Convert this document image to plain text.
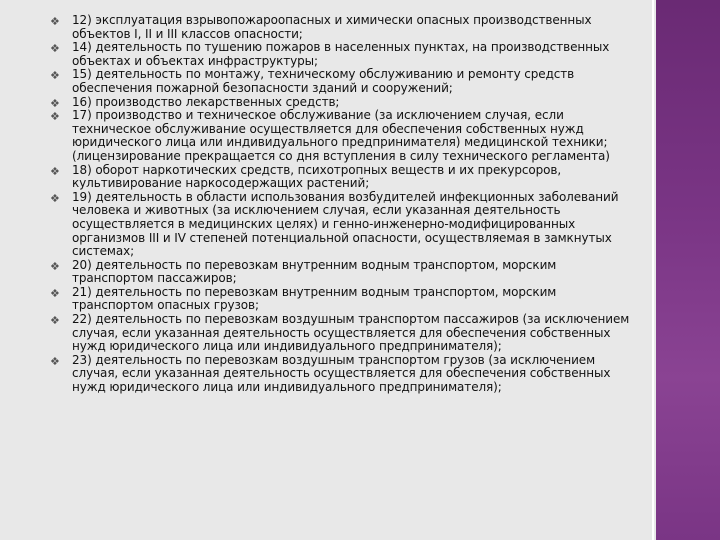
❖ 12) эксплуатация взрывопожароопасных и химически опасных производственных
объектов I, II и III классов опасности;
❖ 14) деятельность по тушению пожаров в населенных пунктах, на производственных
объектах и объектах инфраструктуры;
❖ 15) деятельность по монтажу, техническому обслуживанию и ремонту средств
обеспечения пожарной безопасности зданий и сооружений;
❖ 16) производство лекарственных средств;
❖ 17) производство и техническое обслуживание (за исключением случая, если
техническое обслуживание осуществляется для обеспечения собственных нужд
юридического лица или индивидуального предпринимателя) медицинской техники;
(лицензирование прекращается со дня вступления в силу технического регламента)
❖ 18) оборот наркотических средств, психотропных веществ и их прекурсоров,
культивирование наркосодержащих растений;
❖ 19) деятельность в области использования возбудителей инфекционных заболеваний
человека и животных (за исключением случая, если указанная деятельность
осуществляется в медицинских целях) и генно-инженерно-модифицированных
организмов III и IV степеней потенциальной опасности, осуществляемая в замкнутых
системах;
❖ 20) деятельность по перевозкам внутренним водным транспортом, морским
транспортом пассажиров;
❖ 21) деятельность по перевозкам внутренним водным транспортом, морским
транспортом опасных грузов;
❖ 22) деятельность по перевозкам воздушным транспортом пассажиров (за исключением
случая, если указанная деятельность осуществляется для обеспечения собственных
нужд юридического лица или индивидуального предпринимателя);
❖ 23) деятельность по перевозкам воздушным транспортом грузов (за исключением
случая, если указанная деятельность осуществляется для обеспечения собственных
нужд юридического лица или индивидуального предпринимателя);
